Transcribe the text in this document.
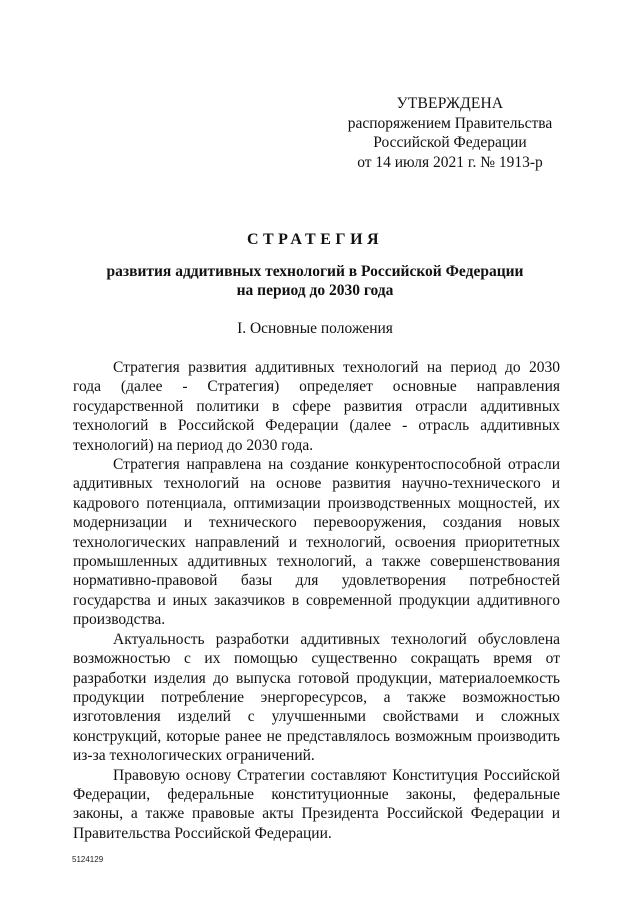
УТВЕРЖДЕНА
распоряжением Правительства
Российской Федерации
от 14 июля 2021 г. № 1913-р
СТРАТЕГИЯ
развития аддитивных технологий в Российской Федерации
на период до 2030 года
I. Основные положения

Стратегия развития аддитивных технологий на период до 2030 года (далее - Стратегия) определяет основные направления государственной политики в сфере развития отрасли аддитивных технологий в Российской Федерации (далее - отрасль аддитивных технологий) на период до 2030 года.

Стратегия направлена на создание конкурентоспособной отрасли аддитивных технологий на основе развития научно-технического и кадрового потенциала, оптимизации производственных мощностей, их модернизации и технического перевооружения, создания новых технологических направлений и технологий, освоения приоритетных промышленных аддитивных технологий, а также совершенствования нормативно-правовой базы для удовлетворения потребностей государства и иных заказчиков в современной продукции аддитивного производства.

Актуальность разработки аддитивных технологий обусловлена возможностью с их помощью существенно сокращать время от разработки изделия до выпуска готовой продукции, материалоемкость продукции потребление энергоресурсов, а также возможностью изготовления изделий с улучшенными свойствами и сложных конструкций, которые ранее не представлялось возможным производить из-за технологических ограничений.

Правовую основу Стратегии составляют Конституция Российской Федерации, федеральные конституционные законы, федеральные законы, а также правовые акты Президента Российской Федерации и Правительства Российской Федерации.

5124129
